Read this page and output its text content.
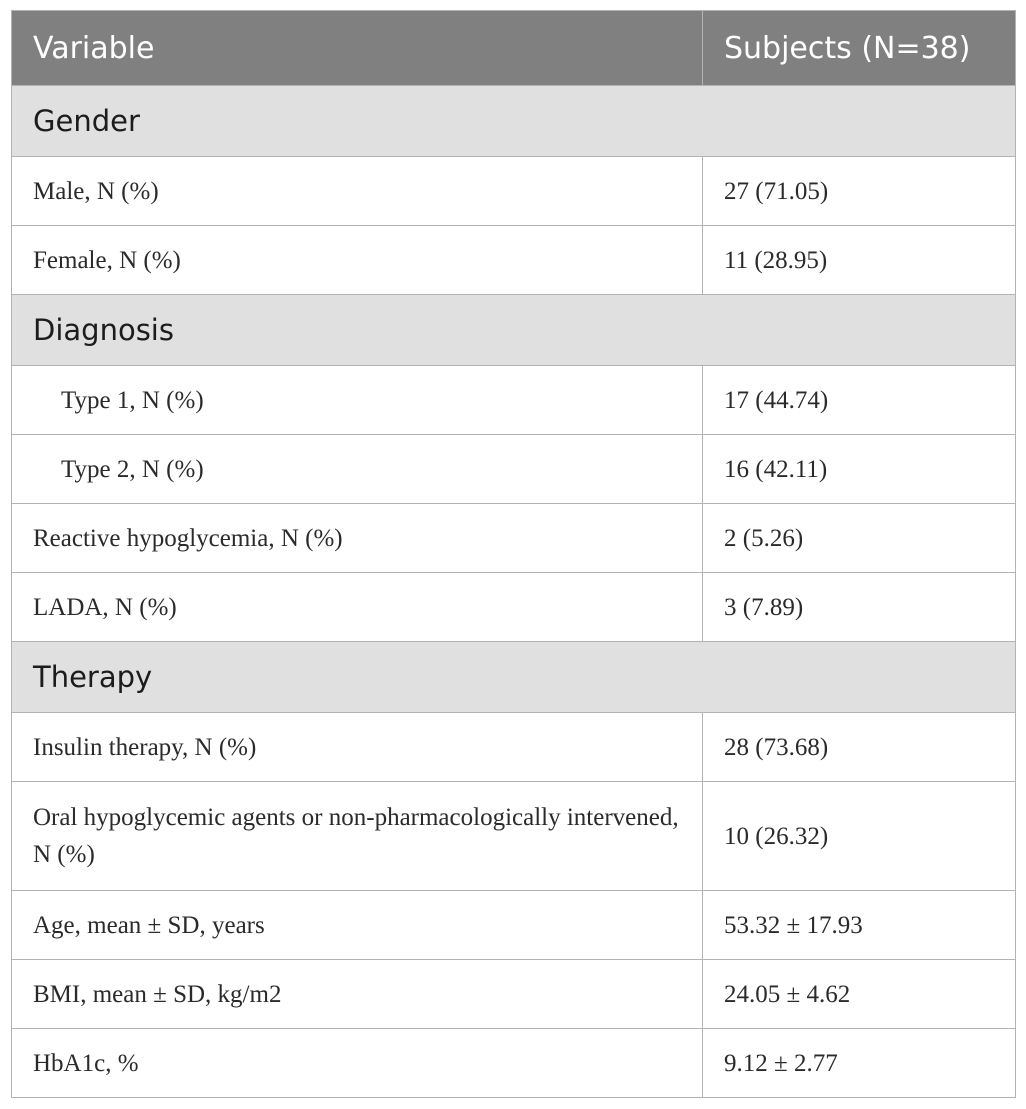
Variable	Subjects (N=38)
Gender	
Male, N (%)	27 (71.05)
Female, N (%)	11 (28.95)
Diagnosis	
Type 1, N (%)	17 (44.74)
Type 2, N (%)	16 (42.11)
Reactive hypoglycemia, N (%)	2 (5.26)
LADA, N (%)	3 (7.89)
Therapy	
Insulin therapy, N (%)	28 (73.68)
Oral hypoglycemic agents or non-pharmacologically intervened, N (%)	10 (26.32)
Age, mean ± SD, years	53.32 ± 17.93
BMI, mean ± SD, kg/m2	24.05 ± 4.62
HbA1c, %	9.12 ± 2.77
